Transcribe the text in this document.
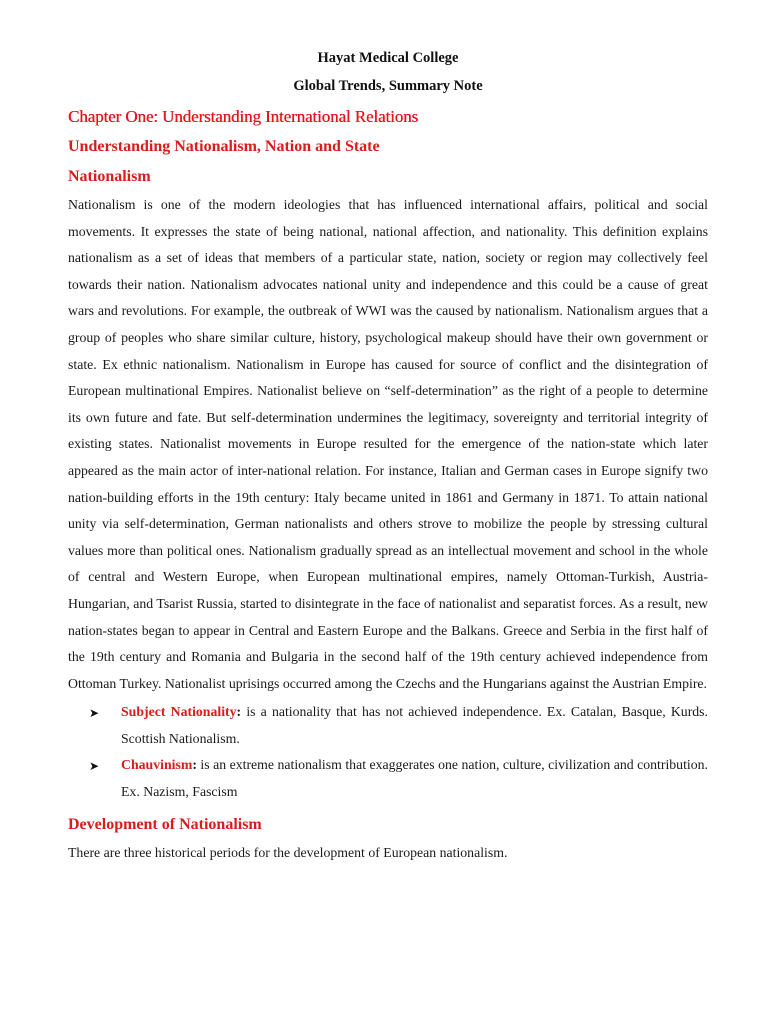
Hayat Medical College
Global Trends, Summary Note
Chapter One: Understanding International Relations
Understanding Nationalism, Nation and State
Nationalism
Nationalism is one of the modern ideologies that has influenced international affairs, political and social movements. It expresses the state of being national, national affection, and nationality. This definition explains nationalism as a set of ideas that members of a particular state, nation, society or region may collectively feel towards their nation. Nationalism advocates national unity and independence and this could be a cause of great wars and revolutions. For example, the outbreak of WWI was the caused by nationalism. Nationalism argues that a group of peoples who share similar culture, history, psychological makeup should have their own government or state. Ex ethnic nationalism. Nationalism in Europe has caused for source of conflict and the disintegration of European multinational Empires. Nationalist believe on “self-determination” as the right of a people to determine its own future and fate. But self-determination undermines the legitimacy, sovereignty and territorial integrity of existing states. Nationalist movements in Europe resulted for the emergence of the nation-state which later appeared as the main actor of inter-national relation. For instance, Italian and German cases in Europe signify two nation-building efforts in the 19th century: Italy became united in 1861 and Germany in 1871. To attain national unity via self-determination, German nationalists and others strove to mobilize the people by stressing cultural values more than political ones. Nationalism gradually spread as an intellectual movement and school in the whole of central and Western Europe, when European multinational empires, namely Ottoman-Turkish, Austria-Hungarian, and Tsarist Russia, started to disintegrate in the face of nationalist and separatist forces. As a result, new nation-states began to appear in Central and Eastern Europe and the Balkans. Greece and Serbia in the first half of the 19th century and Romania and Bulgaria in the second half of the 19th century achieved independence from Ottoman Turkey. Nationalist uprisings occurred among the Czechs and the Hungarians against the Austrian Empire.
➤ Subject Nationality: is a nationality that has not achieved independence. Ex. Catalan, Basque, Kurds. Scottish Nationalism.
➤ Chauvinism: is an extreme nationalism that exaggerates one nation, culture, civilization and contribution. Ex. Nazism, Fascism
Development of Nationalism
There are three historical periods for the development of European nationalism.
